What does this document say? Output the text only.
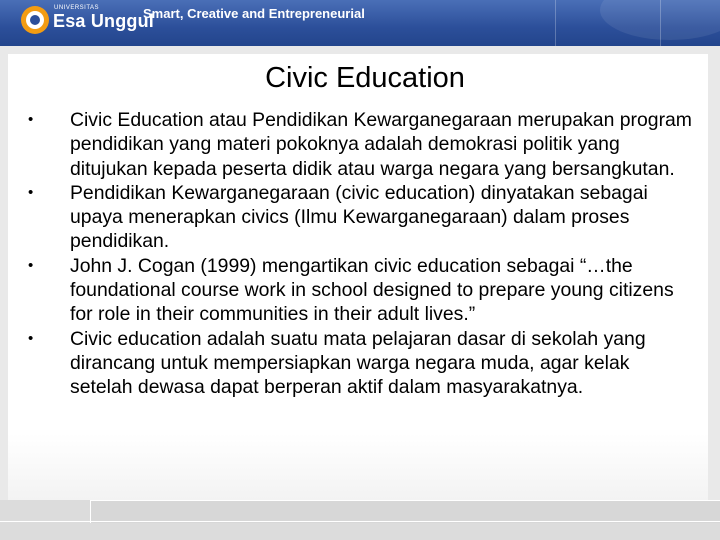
UNIVERSITAS
Esa Unggul
Smart, Creative and Entrepreneurial
Civic Education
• Civic Education atau Pendidikan Kewarganegaraan merupakan program pendidikan yang materi pokoknya adalah demokrasi politik yang ditujukan kepada peserta didik atau warga negara yang bersangkutan.
• Pendidikan Kewarganegaraan (civic education) dinyatakan sebagai upaya menerapkan civics (Ilmu Kewarganegaraan) dalam proses pendidikan.
• John J. Cogan (1999) mengartikan civic education sebagai “…the foundational course work in school designed to prepare young citizens for role in their communities in their adult lives.”
• Civic education adalah suatu mata pelajaran dasar di sekolah yang dirancang untuk mempersiapkan warga negara muda, agar kelak setelah dewasa dapat berperan aktif dalam masyarakatnya.
